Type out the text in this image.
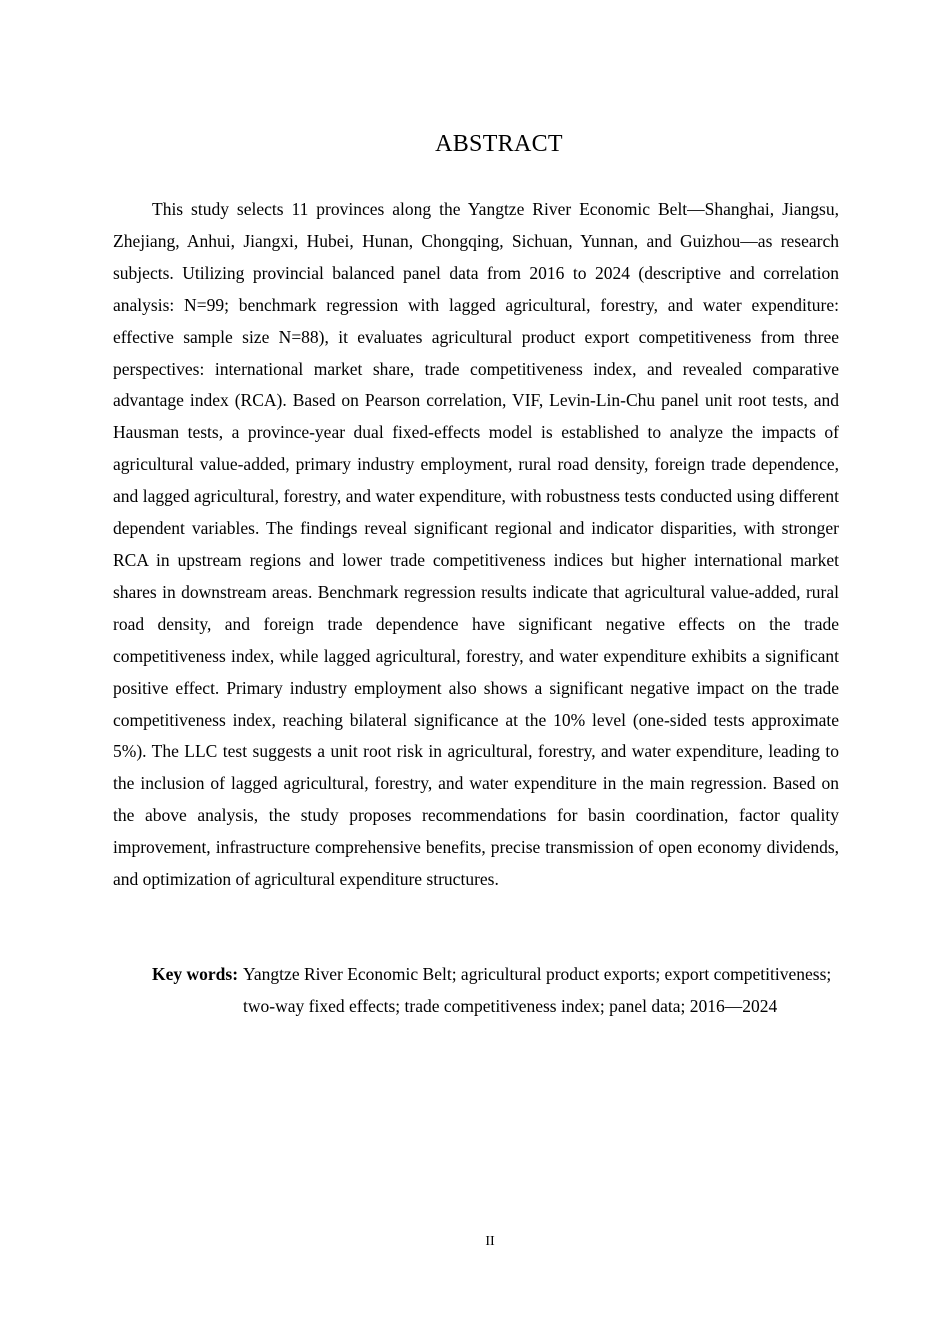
ABSTRACT

This study selects 11 provinces along the Yangtze River Economic Belt—Shanghai, Jiangsu, Zhejiang, Anhui, Jiangxi, Hubei, Hunan, Chongqing, Sichuan, Yunnan, and Guizhou—as research subjects. Utilizing provincial balanced panel data from 2016 to 2024 (descriptive and correlation analysis: N=99; benchmark regression with lagged agricultural, forestry, and water expenditure: effective sample size N=88), it evaluates agricultural product export competitiveness from three perspectives: international market share, trade competitiveness index, and revealed comparative advantage index (RCA). Based on Pearson correlation, VIF, Levin-Lin-Chu panel unit root tests, and Hausman tests, a province-year dual fixed-effects model is established to analyze the impacts of agricultural value-added, primary industry employment, rural road density, foreign trade dependence, and lagged agricultural, forestry, and water expenditure, with robustness tests conducted using different dependent variables. The findings reveal significant regional and indicator disparities, with stronger RCA in upstream regions and lower trade competitiveness indices but higher international market shares in downstream areas. Benchmark regression results indicate that agricultural value-added, rural road density, and foreign trade dependence have significant negative effects on the trade competitiveness index, while lagged agricultural, forestry, and water expenditure exhibits a significant positive effect. Primary industry employment also shows a significant negative impact on the trade competitiveness index, reaching bilateral significance at the 10% level (one-sided tests approximate 5%). The LLC test suggests a unit root risk in agricultural, forestry, and water expenditure, leading to the inclusion of lagged agricultural, forestry, and water expenditure in the main regression. Based on the above analysis, the study proposes recommendations for basin coordination, factor quality improvement, infrastructure comprehensive benefits, precise transmission of open economy dividends, and optimization of agricultural expenditure structures.

Key words: Yangtze River Economic Belt; agricultural product exports; export competitiveness; two-way fixed effects; trade competitiveness index; panel data; 2016—2024
II
